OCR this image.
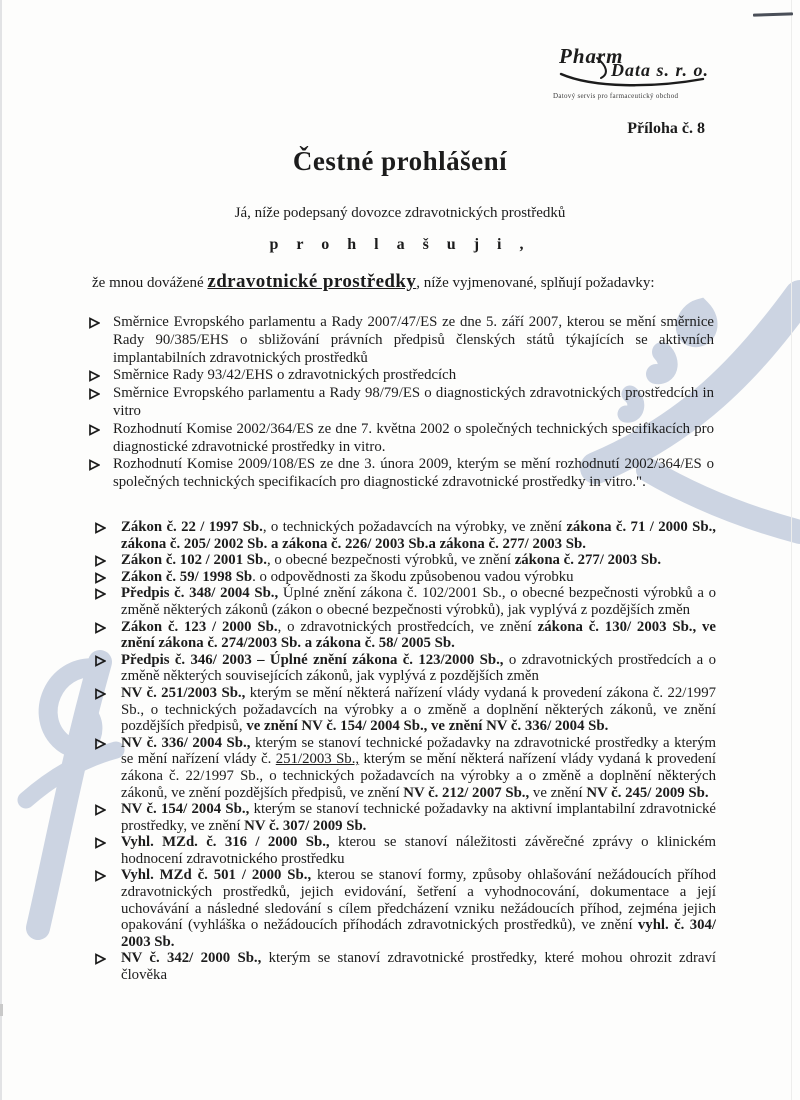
Pharm
Data s. r. o.
Datový servis pro farmaceutický obchod
Příloha č. 8
Čestné prohlášení
Já, níže podepsaný dovozce zdravotnických prostředků
p r o h l a š u j i ,
že mnou dovážené zdravotnické prostředky, níže vyjmenované, splňují požadavky:
Směrnice Evropského parlamentu a Rady 2007/47/ES ze dne 5. září 2007, kterou se mění směrnice Rady 90/385/EHS o sbližování právních předpisů členských států týkajících se aktivních implantabilních zdravotnických prostředků
Směrnice Rady 93/42/EHS o zdravotnických prostředcích
Směrnice Evropského parlamentu a Rady 98/79/ES o diagnostických zdravotnických prostředcích in vitro
Rozhodnutí Komise 2002/364/ES ze dne 7. května 2002 o společných technických specifikacích pro diagnostické zdravotnické prostředky in vitro.
Rozhodnutí Komise 2009/108/ES ze dne 3. února 2009, kterým se mění rozhodnutí 2002/364/ES o společných technických specifikacích pro diagnostické zdravotnické prostředky in vitro.".
Zákon č. 22 / 1997 Sb., o technických požadavcích na výrobky, ve znění zákona č. 71 / 2000 Sb., zákona č. 205/ 2002 Sb. a zákona č. 226/ 2003 Sb.a zákona č. 277/ 2003 Sb.
Zákon č. 102 / 2001 Sb., o obecné bezpečnosti výrobků, ve znění zákona č. 277/ 2003 Sb.
Zákon č. 59/ 1998 Sb. o odpovědnosti za škodu způsobenou vadou výrobku
Předpis č. 348/ 2004 Sb., Úplné znění zákona č. 102/2001 Sb., o obecné bezpečnosti výrobků a o změně některých zákonů (zákon o obecné bezpečnosti výrobků), jak vyplývá z pozdějších změn
Zákon č. 123 / 2000 Sb., o zdravotnických prostředcích, ve znění zákona č. 130/ 2003 Sb., ve znění zákona č. 274/2003 Sb. a zákona č. 58/ 2005 Sb.
Předpis č. 346/ 2003 – Úplné znění zákona č. 123/2000 Sb., o zdravotnických prostředcích a o změně některých souvisejících zákonů, jak vyplývá z pozdějších změn
NV č. 251/2003 Sb., kterým se mění některá nařízení vlády vydaná k provedení zákona č. 22/1997 Sb., o technických požadavcích na výrobky a o změně a doplnění některých zákonů, ve znění pozdějších předpisů, ve znění NV č. 154/ 2004 Sb., ve znění NV č. 336/ 2004 Sb.
NV č. 336/ 2004 Sb., kterým se stanoví technické požadavky na zdravotnické prostředky a kterým se mění nařízení vlády č. 251/2003 Sb., kterým se mění některá nařízení vlády vydaná k provedení zákona č. 22/1997 Sb., o technických požadavcích na výrobky a o změně a doplnění některých zákonů, ve znění pozdějších předpisů, ve znění NV č. 212/ 2007 Sb., ve znění NV č. 245/ 2009 Sb.
NV č. 154/ 2004 Sb., kterým se stanoví technické požadavky na aktivní implantabilní zdravotnické prostředky, ve znění NV č. 307/ 2009 Sb.
Vyhl. MZd. č. 316 / 2000 Sb., kterou se stanoví náležitosti závěrečné zprávy o klinickém hodnocení zdravotnického prostředku
Vyhl. MZd č. 501 / 2000 Sb., kterou se stanoví formy, způsoby ohlašování nežádoucích příhod zdravotnických prostředků, jejich evidování, šetření a vyhodnocování, dokumentace a její uchovávání a následné sledování s cílem předcházení vzniku nežádoucích příhod, zejména jejich opakování (vyhláška o nežádoucích příhodách zdravotnických prostředků), ve znění vyhl. č. 304/ 2003 Sb.
NV č. 342/ 2000 Sb., kterým se stanoví zdravotnické prostředky, které mohou ohrozit zdraví člověka
